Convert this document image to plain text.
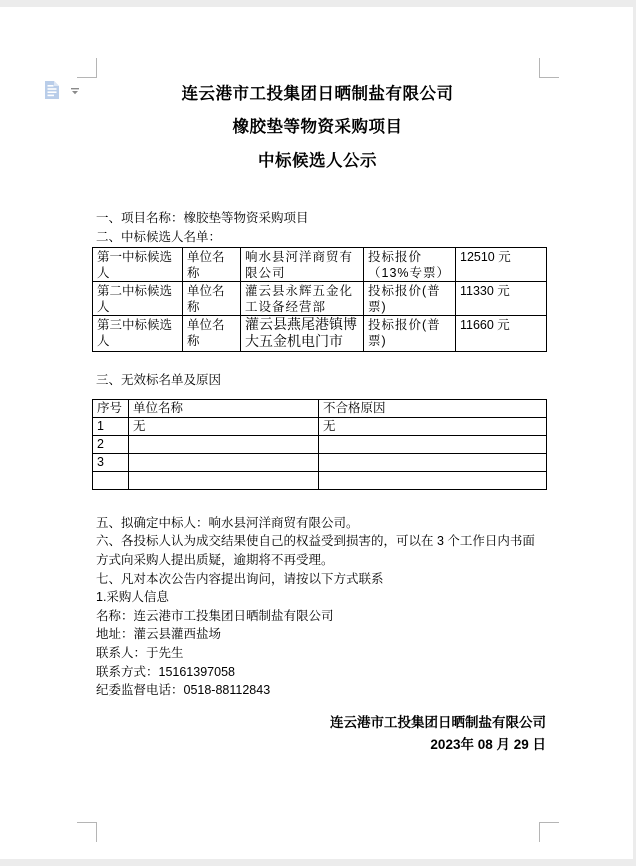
连云港市工投集团日晒制盐有限公司
橡胶垫等物资采购项目
中标候选人公示

一、项目名称：橡胶垫等物资采购项目

二、中标候选人名单：

第一中标候选人	单位名称	响水县河洋商贸有限公司	投标报价（13%专票）	12510 元
第二中标候选人	单位名称	灌云县永辉五金化工设备经营部	投标报价(普票)	11330 元
第三中标候选人	单位名称	灌云县燕尾港镇博大五金机电门市	投标报价(普票)	11660 元

三、无效标名单及原因

序号	单位名称	不合格原因
1	无	无
2		
3		

五、拟确定中标人：响水县河洋商贸有限公司。

六、各投标人认为成交结果使自己的权益受到损害的，可以在 3 个工作日内书面方式向采购人提出质疑，逾期将不再受理。

七、凡对本次公告内容提出询问，请按以下方式联系

1.采购人信息

名称：连云港市工投集团日晒制盐有限公司

地址：灌云县灌西盐场

联系人：于先生

联系方式：15161397058

纪委监督电话：0518-88112843

连云港市工投集团日晒制盐有限公司
2023年 08 月 29 日
